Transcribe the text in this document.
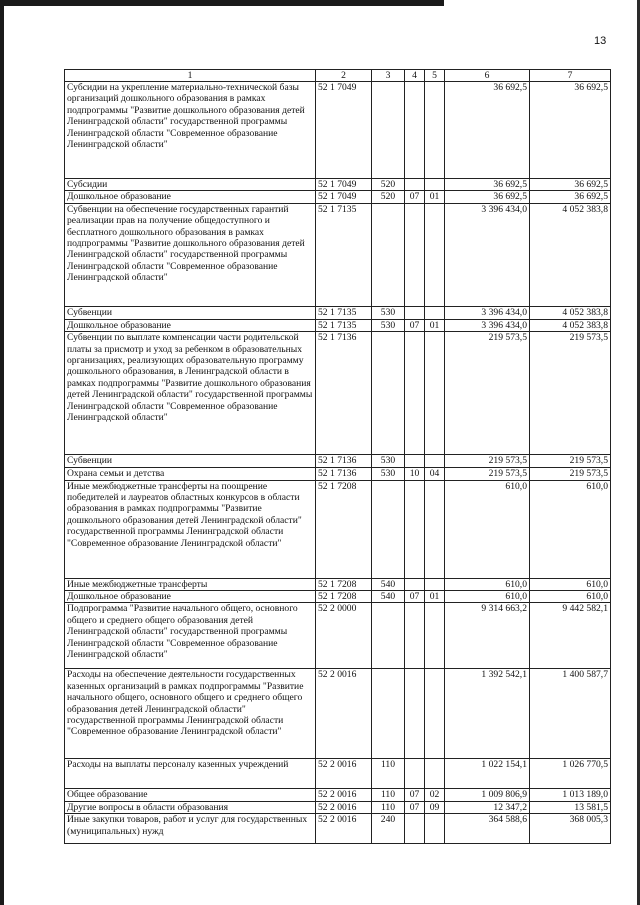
13
1	2	3	4	5	6	7
Субсидии на укрепление материально-технической базы организаций дошкольного образования в рамках подпрограммы "Развитие дошкольного образования детей Ленинградской области" государственной программы Ленинградской области "Современное образование Ленинградской области"	52 1 7049				36 692,5	36 692,5
Субсидии	52 1 7049	520			36 692,5	36 692,5
Дошкольное образование	52 1 7049	520	07	01	36 692,5	36 692,5
Субвенции на обеспечение государственных гарантий реализации прав на получение общедоступного и бесплатного дошкольного образования в рамках подпрограммы "Развитие дошкольного образования детей Ленинградской области" государственной программы Ленинградской области "Современное образование Ленинградской области"	52 1 7135				3 396 434,0	4 052 383,8
Субвенции	52 1 7135	530			3 396 434,0	4 052 383,8
Дошкольное образование	52 1 7135	530	07	01	3 396 434,0	4 052 383,8
Субвенции по выплате компенсации части родительской платы за присмотр и уход за ребенком в образовательных организациях, реализующих образовательную программу дошкольного образования, в Ленинградской области в рамках подпрограммы "Развитие дошкольного образования детей Ленинградской области" государственной программы Ленинградской области "Современное образование Ленинградской области"	52 1 7136				219 573,5	219 573,5
Субвенции	52 1 7136	530			219 573,5	219 573,5
Охрана семьи и детства	52 1 7136	530	10	04	219 573,5	219 573,5
Иные межбюджетные трансферты на поощрение победителей и лауреатов областных конкурсов в области образования в рамках подпрограммы "Развитие дошкольного образования детей Ленинградской области" государственной программы Ленинградской области "Современное образование Ленинградской области"	52 1 7208				610,0	610,0
Иные межбюджетные трансферты	52 1 7208	540			610,0	610,0
Дошкольное образование	52 1 7208	540	07	01	610,0	610,0
Подпрограмма "Развитие начального общего, основного общего и среднего общего образования детей Ленинградской области" государственной программы Ленинградской области "Современное образование Ленинградской области"	52 2 0000				9 314 663,2	9 442 582,1
Расходы на обеспечение деятельности государственных казенных организаций в рамках подпрограммы "Развитие начального общего, основного общего и среднего общего образования детей Ленинградской области" государственной программы Ленинградской области "Современное образование Ленинградской области"	52 2 0016				1 392 542,1	1 400 587,7
Расходы на выплаты персоналу казенных учреждений	52 2 0016	110			1 022 154,1	1 026 770,5
Общее образование	52 2 0016	110	07	02	1 009 806,9	1 013 189,0
Другие вопросы в области образования	52 2 0016	110	07	09	12 347,2	13 581,5
Иные закупки товаров, работ и услуг для государственных (муниципальных) нужд	52 2 0016	240			364 588,6	368 005,3
